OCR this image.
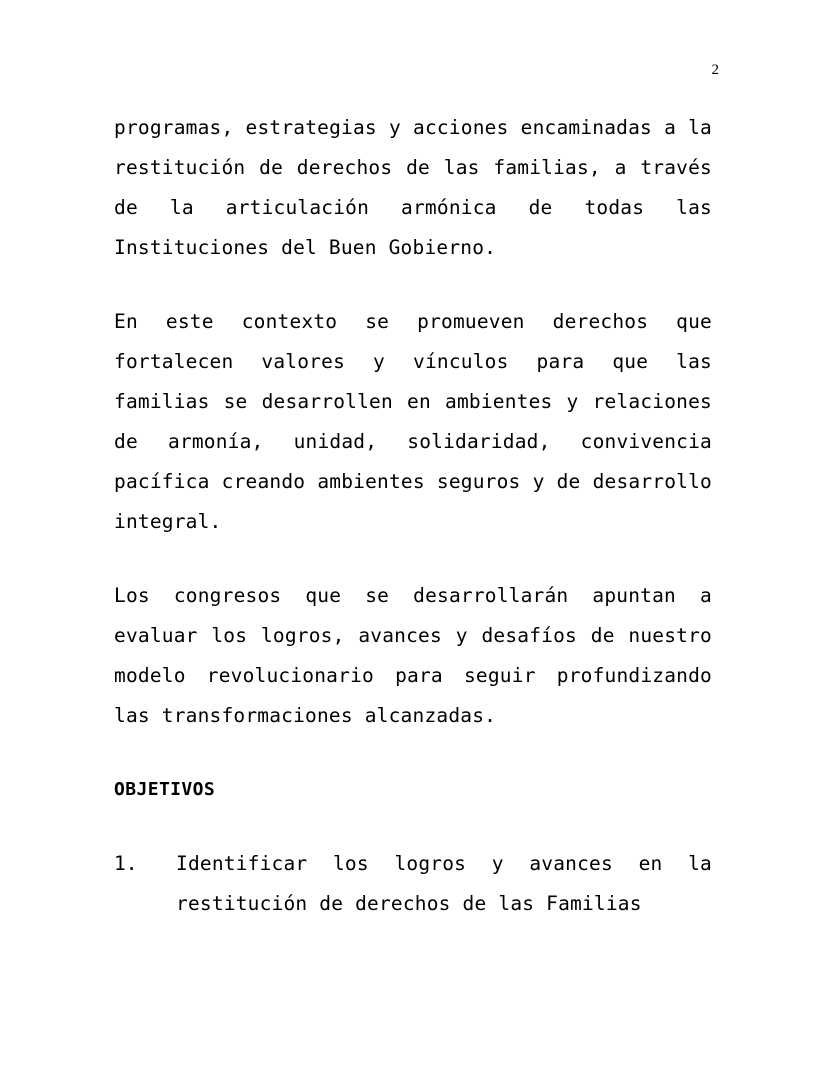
2

programas, estrategias y acciones encaminadas a la restitución de derechos de las familias, a través de la articulación armónica de todas las Instituciones del Buen Gobierno.

En este contexto se promueven derechos que fortalecen valores y vínculos para que las familias se desarrollen en ambientes y relaciones de armonía, unidad, solidaridad, convivencia pacífica creando ambientes seguros y de desarrollo integral.

Los congresos que se desarrollarán apuntan a evaluar los logros, avances y desafíos de nuestro modelo revolucionario para seguir profundizando las transformaciones alcanzadas.

OBJETIVOS
1.	Identificar los logros y avances en la restitución de derechos de las Familias
